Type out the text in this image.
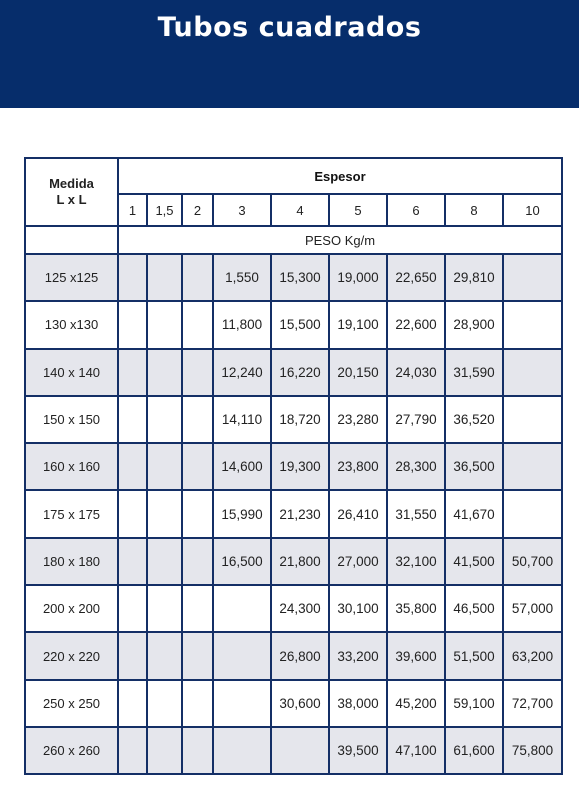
Tubos cuadrados
Medida
L x L	Espesor								
	1	1,5	2	3	4	5	6	8	10
	PESO Kg/m								
125 x125				1,550	15,300	19,000	22,650	29,810	
130 x130				11,800	15,500	19,100	22,600	28,900	
140 x 140				12,240	16,220	20,150	24,030	31,590	
150 x 150				14,110	18,720	23,280	27,790	36,520	
160 x 160				14,600	19,300	23,800	28,300	36,500	
175 x 175				15,990	21,230	26,410	31,550	41,670	
180 x 180				16,500	21,800	27,000	32,100	41,500	50,700
200 x 200					24,300	30,100	35,800	46,500	57,000
220 x 220					26,800	33,200	39,600	51,500	63,200
250 x 250					30,600	38,000	45,200	59,100	72,700
260 x 260						39,500	47,100	61,600	75,800
